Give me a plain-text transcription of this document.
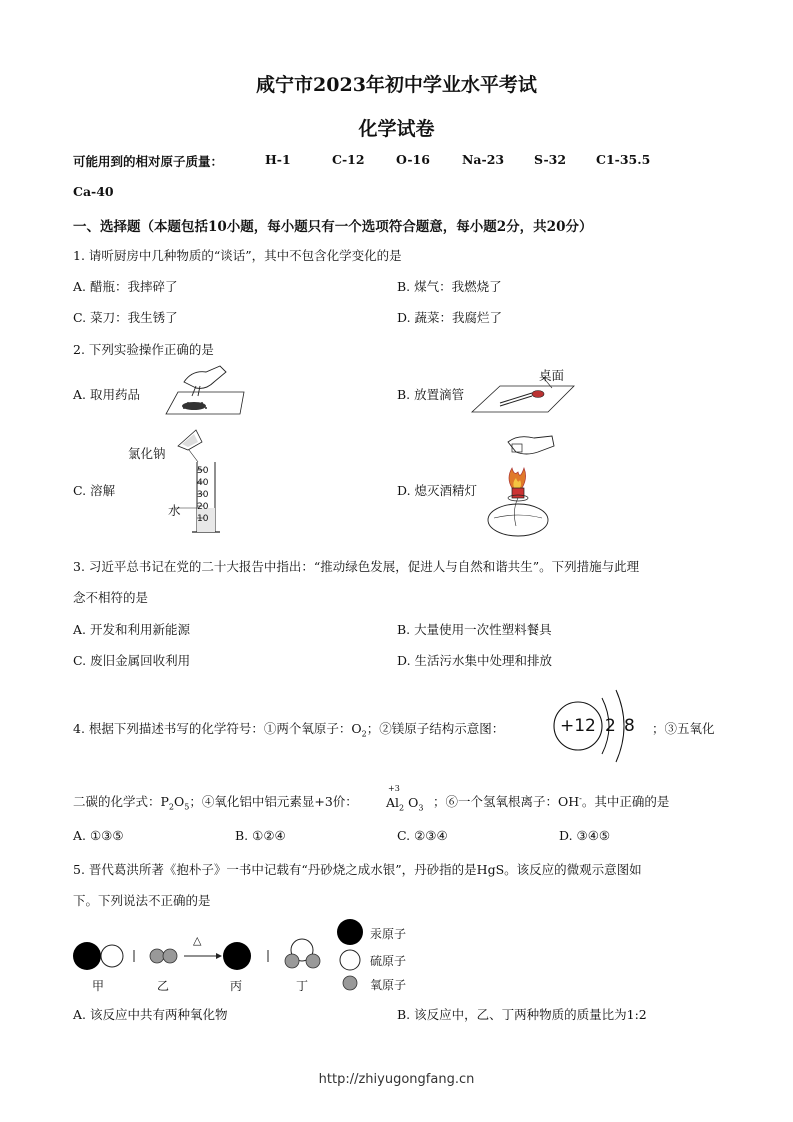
咸宁市2023年初中学业水平考试
化学试卷
可能用到的相对原子质量：	H-1	C-12	O-16	Na-23 S-32 C1-35.5
Ca-40
一、选择题（本题包括10小题，每小题只有一个选项符合题意，每小题2分，共20分）
1. 请听厨房中几种物质的“谈话”，其中不包含化学变化的是
A. 醋瓶：我摔碎了	B. 煤气：我燃烧了
C. 菜刀：我生锈了	D. 蔬菜：我腐烂了
2. 下列实验操作正确的是
A. 取用药品	B. 放置滴管
C. 溶解	D. 熄灭酒精灯
桌面
氯化钠
水
50
40
30
20
10
3. 习近平总书记在党的二十大报告中指出：“推动绿色发展，促进人与自然和谐共生”。下列措施与此理
念不相符的是
A. 开发和利用新能源	B. 大量使用一次性塑料餐具
C. 废旧金属回收利用	D. 生活污水集中处理和排放
4. 根据下列描述书写的化学符号：①两个氧原子：$O_2$；②镁原子结构示意图：	+12 2 8 ；③五氧化
二碳的化学式：$P_2O_5$；④氧化铝中铝元素显+3价：
+3
$Al_2$ $O_3$ ；⑥一个氢氧根离子：OH-。其中正确的是
A. ①③⑤	B. ①②④	C. ②③④	D. ③④⑤
5. 晋代葛洪所著《抱朴子》一书中记载有“丹砂烧之成水银”，丹砂指的是HgS。该反应的微观示意图如
下。下列说法不正确的是
△
甲	乙	丙	丁
汞原子
硫原子
氧原子
A. 该反应中共有两种氧化物	B. 该反应中，乙、丁两种物质的质量比为1:2
http://zhiyugongfang.cn
